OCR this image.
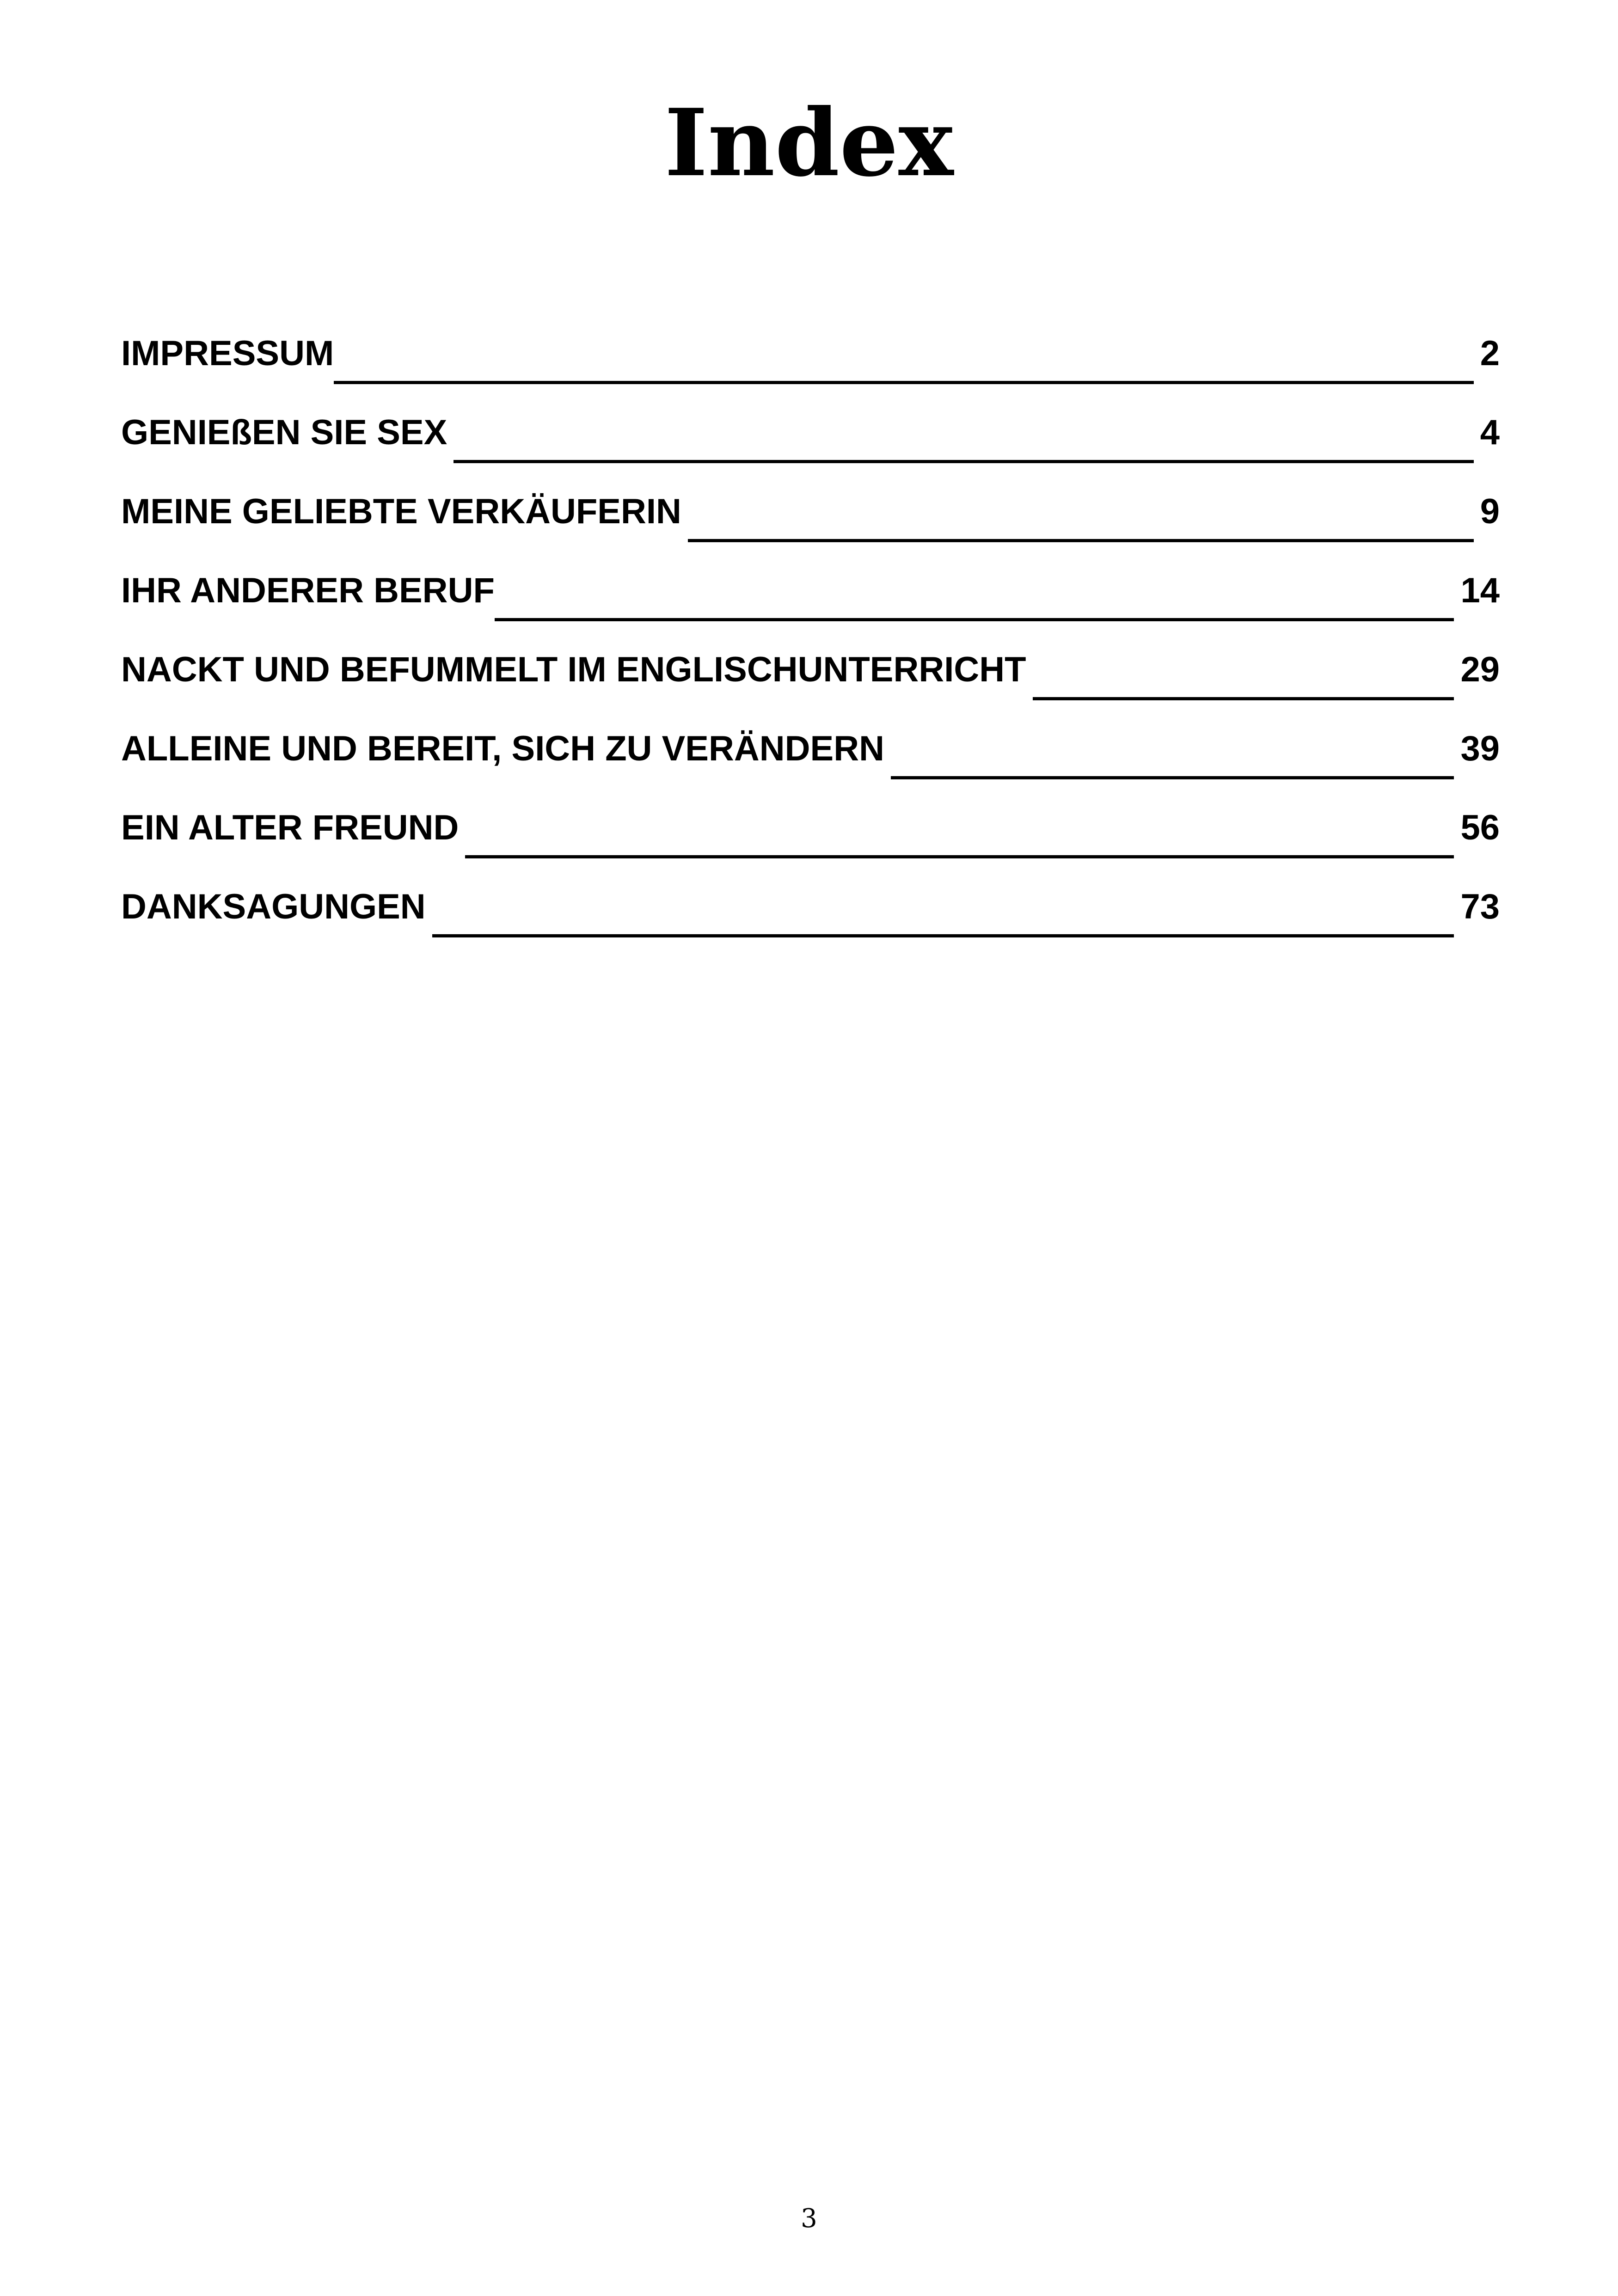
Index
IMPRESSUM	2
GENIEßEN SIE SEX	4
MEINE GELIEBTE VERKÄUFERIN	9
IHR ANDERER BERUF	14
NACKT UND BEFUMMELT IM ENGLISCHUNTERRICHT	29
ALLEINE UND BEREIT, SICH ZU VERÄNDERN	39
EIN ALTER FREUND	56
DANKSAGUNGEN	73
3
